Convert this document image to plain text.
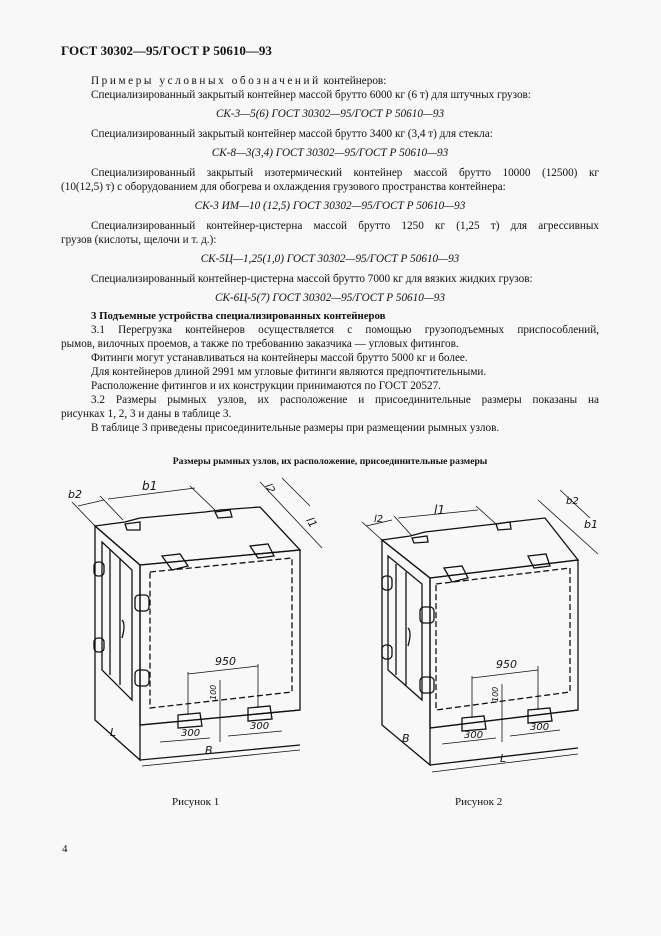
ГОСТ 30302—95/ГОСТ Р 50610—93
Примеры условных обозначений контейнеров:
Специализированный закрытый контейнер массой брутто 6000 кг (6 т) для штучных грузов:
СК-3—5(6) ГОСТ 30302—95/ГОСТ Р 50610—93
Специализированный закрытый контейнер массой брутто 3400 кг (3,4 т) для стекла:
СК-8—3(3,4) ГОСТ 30302—95/ГОСТ Р 50610—93
Специализированный закрытый изотермический контейнер массой брутто 10000 (12500) кг
(10(12,5) т) с оборудованием для обогрева и охлаждения грузового пространства контейнера:
СК-3 ИМ—10 (12,5) ГОСТ 30302—95/ГОСТ Р 50610—93
Специализированный контейнер-цистерна массой брутто 1250 кг (1,25 т) для агрессивных
грузов (кислоты, щелочи и т. д.):
СК-5Ц—1,25(1,0) ГОСТ 30302—95/ГОСТ Р 50610—93
Специализированный контейнер-цистерна массой брутто 7000 кг для вязких жидких грузов:
СК-6Ц-5(7) ГОСТ 30302—95/ГОСТ Р 50610—93
3 Подъемные устройства специализированных контейнеров
3.1 Перегрузка контейнеров осуществляется с помощью грузоподъемных приспособлений,
рымов, вилочных проемов, а также по требованию заказчика — угловых фитингов.
Фитинги могут устанавливаться на контейнеры массой брутто 5000 кг и более.
Для контейнеров длиной 2991 мм угловые фитинги являются предпочтительными.
Расположение фитингов и их конструкции принимаются по ГОСТ 20527.
3.2 Размеры рымных узлов, их расположение и присоединительные размеры показаны на
рисунках 1, 2, 3 и даны в таблице 3.
В таблице 3 приведены присоединительные размеры при размещении рымных узлов.
Размеры рымных узлов, их расположение, присоединительные размеры
b2
b1	l2
l1
950
100
300
300
L
B
l2
l1
b2
b1
950
100
300
300
B
L
Рисунок 1	Рисунок 2
4
